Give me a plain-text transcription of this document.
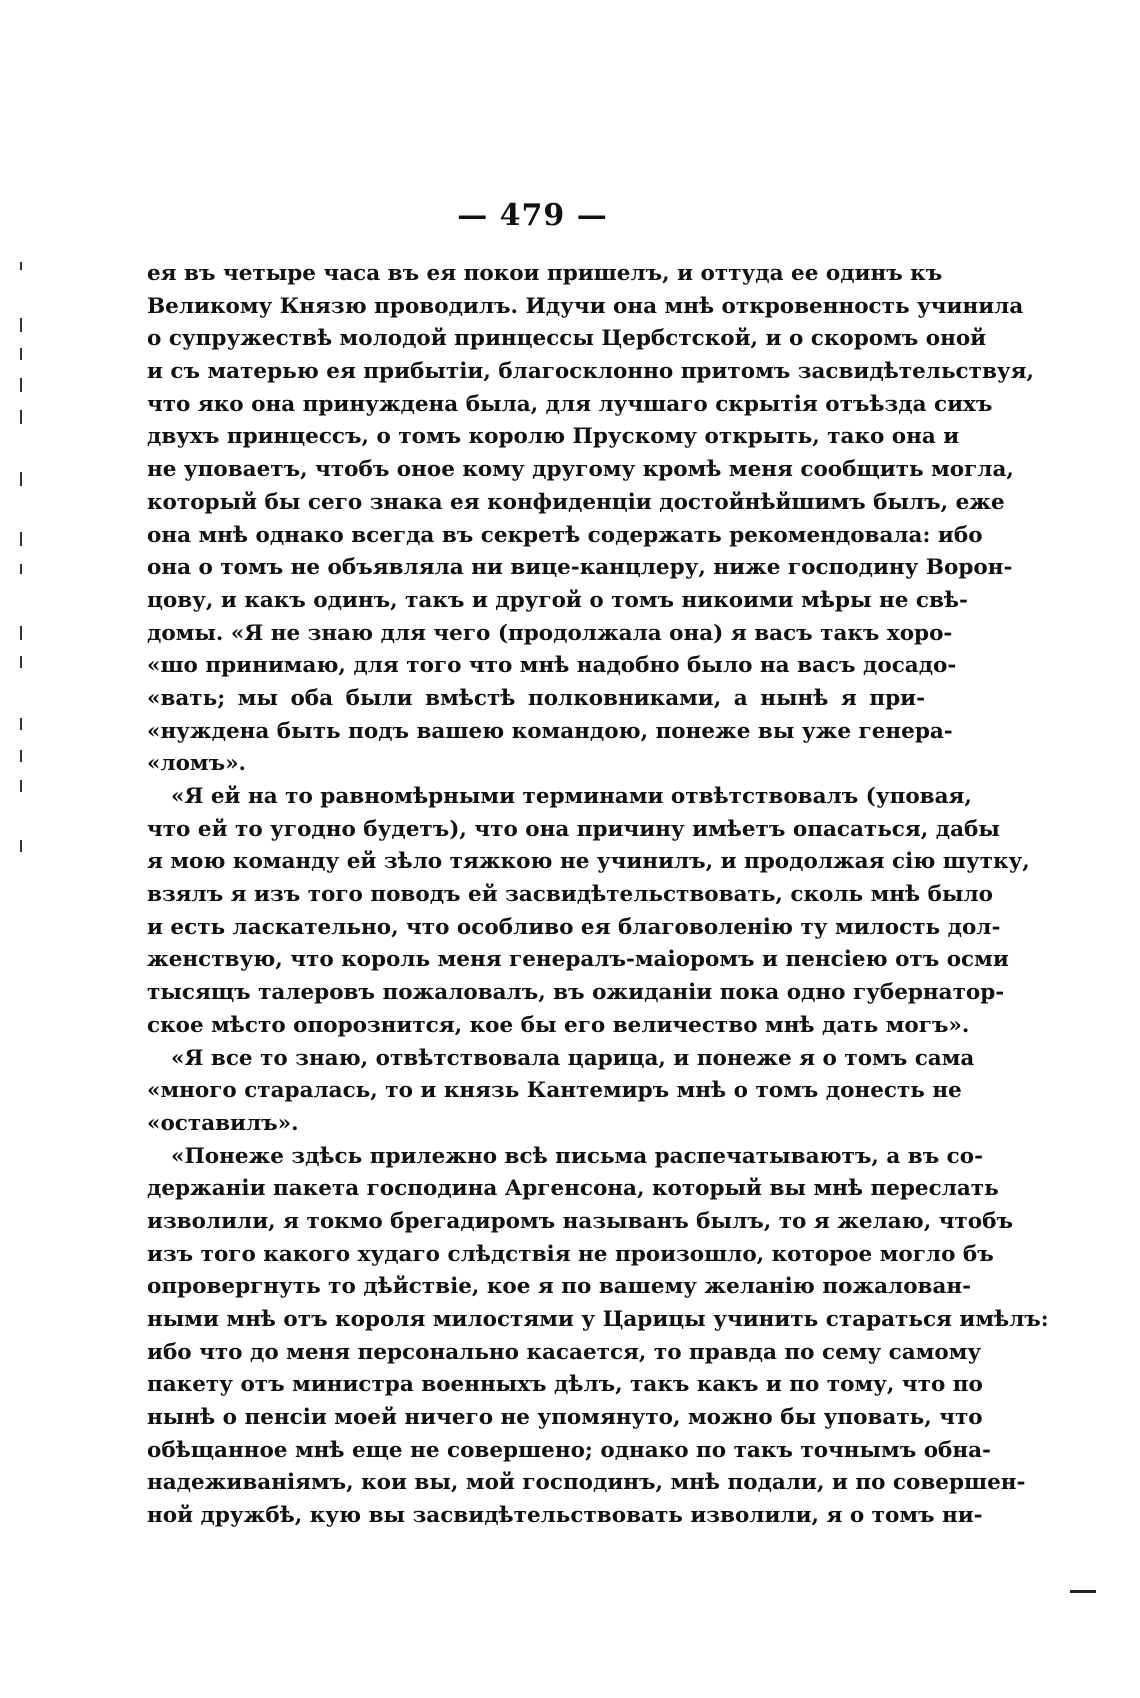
— 479 —
ея въ четыре часа въ ея покои пришелъ, и оттуда ее одинъ къ
Великому Князю проводилъ. Идучи она мнѣ откровенность учинила
о супружествѣ молодой принцессы Цербстской, и о скоромъ оной
и съ матерью ея прибытіи, благосклонно притомъ засвидѣтельствуя,
что яко она принуждена была, для лучшаго скрытія отъѣзда сихъ
двухъ принцессъ, о томъ королю Прускому открыть, тако она и
не уповаетъ, чтобъ оное кому другому кромѣ меня сообщить могла,
который бы сего знака ея конфиденціи достойнѣйшимъ былъ, еже
она мнѣ однако всегда въ секретѣ содержать рекомендовала: ибо
она о томъ не объявляла ни вице-канцлеру, ниже господину Ворон-
цову, и какъ одинъ, такъ и другой о томъ никоими мѣры не свѣ-
домы. «Я не знаю для чего (продолжала она) я васъ такъ хоро-
«шо принимаю, для того что мнѣ надобно было на васъ досадо-
«вать; мы оба были вмѣстѣ полковниками, а нынѣ я при-
«нуждена быть подъ вашею командою, понеже вы уже генера-
«ломъ».
«Я ей на то равномѣрными терминами отвѣтствовалъ (уповая,
что ей то угодно будетъ), что она причину имѣетъ опасаться, дабы
я мою команду ей зѣло тяжкою не учинилъ, и продолжая сію шутку,
взялъ я изъ того поводъ ей засвидѣтельствовать, сколь мнѣ было
и есть ласкательно, что особливо ея благоволенію ту милость дол-
женствую, что король меня генералъ-маіоромъ и пенсіею отъ осми
тысящъ талеровъ пожаловалъ, въ ожиданіи пока одно губернатор-
ское мѣсто опорознится, кое бы его величество мнѣ дать могъ».
«Я все то знаю, отвѣтствовала царица, и понеже я о томъ сама
«много старалась, то и князь Кантемиръ мнѣ о томъ донесть не
«оставилъ».
«Понеже здѣсь прилежно всѣ письма распечатываютъ, а въ со-
держаніи пакета господина Аргенсона, который вы мнѣ переслать
изволили, я токмо брегадиромъ называнъ былъ, то я желаю, чтобъ
изъ того какого худаго слѣдствія не произошло, которое могло бъ
опровергнуть то дѣйствіе, кое я по вашему желанію пожалован-
ными мнѣ отъ короля милостями у Царицы учинить стараться имѣлъ:
ибо что до меня персонально касается, то правда по сему самому
пакету отъ министра военныхъ дѣлъ, такъ какъ и по тому, что по
нынѣ о пенсіи моей ничего не упомянуто, можно бы уповать, что
обѣщанное мнѣ еще не совершено; однако по такъ точнымъ обна-
надеживаніямъ, кои вы, мой господинъ, мнѣ подали, и по совершен-
ной дружбѣ, кую вы засвидѣтельствовать изволили, я о томъ ни-
